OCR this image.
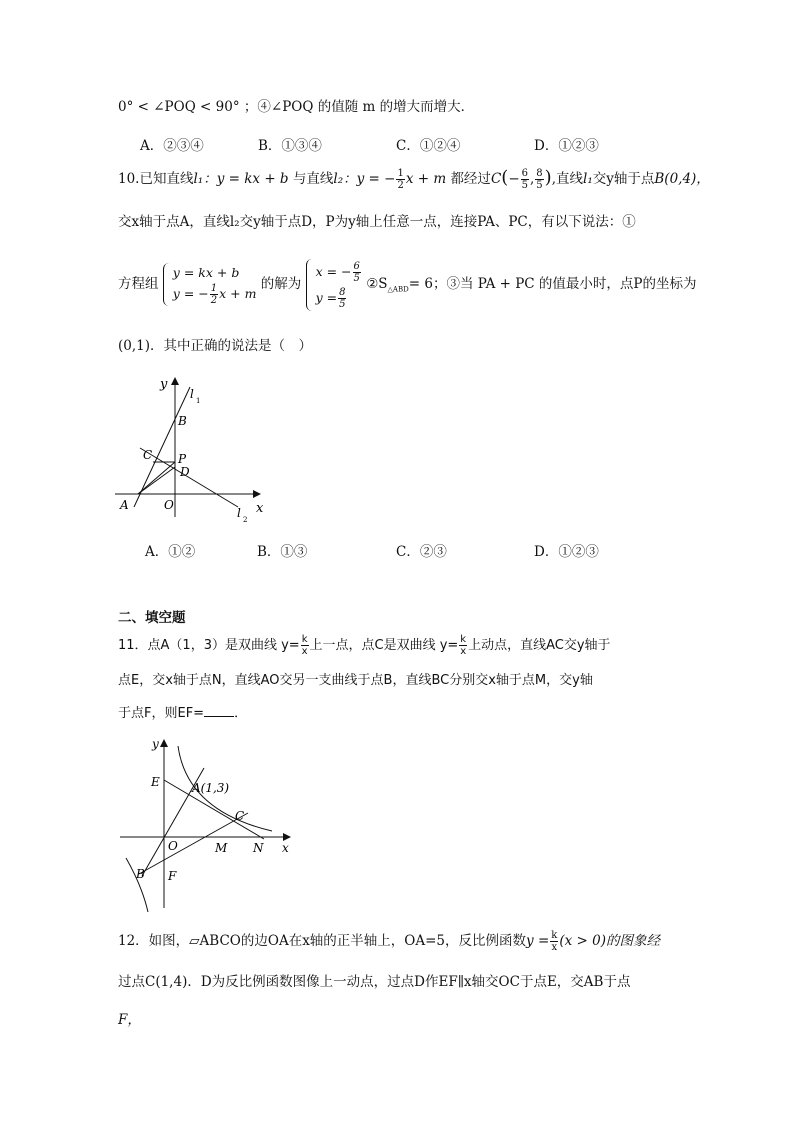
0° < ∠POQ < 90° ；④∠POQ 的值随 m 的增大而增大．
A．②③④	B．①③④	C．①②④	D．①②③
10.已知直线l₁：y = kx + b 与直线l₂：y = − $\frac{1}{2}$ x + m 都经过$C(- \frac{6}{5}$ , $\frac{8}{5}$ ),直线l₁交y轴于点B(0,4)，
交x轴于点A，直线l₂交y轴于点D，P为y轴上任意一点，连接PA、PC，有以下说法：①
方程组
y = kx + b
y = − $\frac{1}{2}$ x + m
的解为
x = − $\frac{6}{5}$
$y = \frac{8}{5}$
$②S_{\triangle ABD}= 6$；③当 PA + PC 的值最小时，点P的坐标为
(0,1)．其中正确的说法是（　）
y
x
l 1
l 2
B
C P
D
A	O
A．①②	B．①③	C．②③	D．①②③
二、填空题
11．点A（1，3）是双曲线 $y= \frac{k}{x}$ 上一点，点C是双曲线 $y= \frac{k}{x}$ 上动点，直线AC交y轴于
点E，交x轴于点N，直线AO交另一支曲线于点B，直线BC分别交x轴于点M，交y轴
于点F，则EF= ．
y
x
E	A(1,3)
C
O	M N
B F
12．如图，▱ABCO的边OA在x轴的正半轴上，OA=5，反比例函数$y = \frac{k}{x} (x > 0)$的图象经
过点C(1,4)．D为反比例函数图像上一动点，过点D作EF∥x轴交OC于点E，交AB于点
F，
